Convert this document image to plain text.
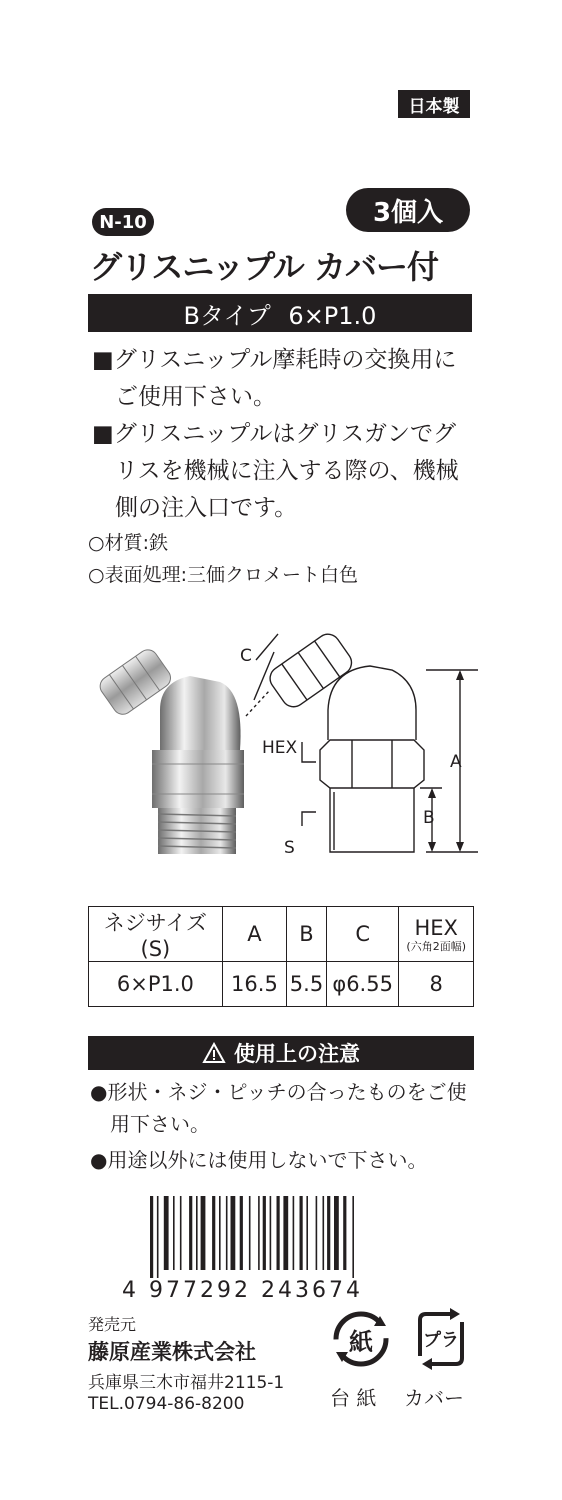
日本製
N-10	3個入
グリスニップル カバー付
Bタイプ 6×P1.0
■グリスニップル摩耗時の交換用に
ご使用下さい。
■グリスニップルはグリスガンでグ
リスを機械に注入する際の、機械
側の注入口です。
○材質:鉄
○表面処理:三価クロメート白色
C
HEX
A
B
S
ネジサイズ(S)	A	B	C	HEX
(六角2面幅)

6×P1.0	16.5	5.5	φ6.55	8
使用上の注意
●形状・ネジ・ピッチの合ったものをご使
用下さい。
●用途以外には使用しないで下さい。
4 977292 243674
発売元
藤原産業株式会社
兵庫県三木市福井2115-1
TEL.0794-86-8200
紙	プラ
台 紙 カバー
